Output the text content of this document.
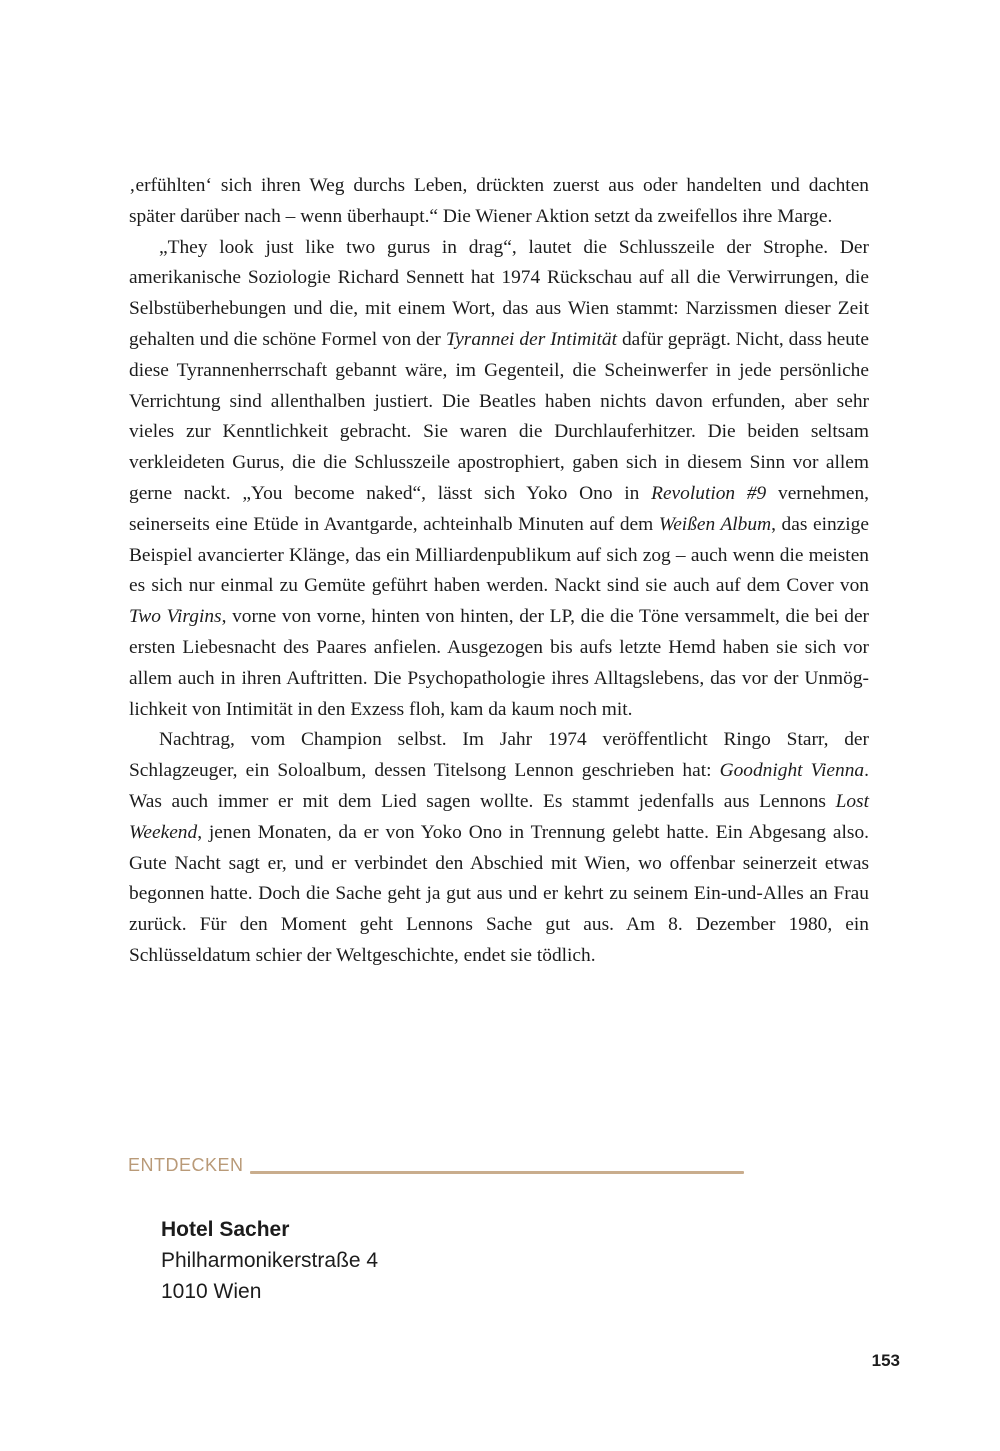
‚erfühlten‘ sich ihren Weg durchs Leben, drückten zuerst aus oder handelten und dachten später darüber nach – wenn überhaupt.“ Die Wiener Aktion setzt da zweifellos ihre Marge.

„They look just like two gurus in drag“, lautet die Schlusszeile der Strophe. Der amerikanische Soziologie Richard Sennett hat 1974 Rückschau auf all die Verwirrungen, die Selbstüberhebungen und die, mit einem Wort, das aus Wien stammt: Narzissmen dieser Zeit gehalten und die schöne Formel von der Tyrannei der Intimität dafür geprägt. Nicht, dass heute diese Tyrannenherrschaft gebannt wäre, im Gegenteil, die Scheinwerfer in jede persönliche Verrichtung sind allenthalben justiert. Die Beatles haben nichts davon erfunden, aber sehr vieles zur Kenntlichkeit gebracht. Sie waren die Durchlauferhitzer. Die beiden seltsam verkleideten Gurus, die die Schlusszeile apostrophiert, gaben sich in diesem Sinn vor allem gerne nackt. „You become naked“, lässt sich Yoko Ono in Revolution #9 vernehmen, seinerseits eine Etüde in Avantgarde, achteinhalb Minuten auf dem Weißen Album, das einzige Beispiel avancierter Klänge, das ein Milliardenpublikum auf sich zog – auch wenn die meisten es sich nur einmal zu Gemüte geführt haben werden. Nackt sind sie auch auf dem Cover von Two Virgins, vorne von vorne, hinten von hinten, der LP, die die Töne versammelt, die bei der ersten Liebesnacht des Paares anfielen. Ausgezogen bis aufs letzte Hemd haben sie sich vor allem auch in ihren Auftritten. Die Psychopathologie ihres Alltagslebens, das vor der Unmöglichkeit von Intimität in den Exzess floh, kam da kaum noch mit.

Nachtrag, vom Champion selbst. Im Jahr 1974 veröffentlicht Ringo Starr, der Schlagzeuger, ein Soloalbum, dessen Titelsong Lennon geschrieben hat: Goodnight Vienna. Was auch immer er mit dem Lied sagen wollte. Es stammt jedenfalls aus Lennons Lost Weekend, jenen Monaten, da er von Yoko Ono in Trennung gelebt hatte. Ein Abgesang also. Gute Nacht sagt er, und er verbindet den Abschied mit Wien, wo offenbar seinerzeit etwas begonnen hatte. Doch die Sache geht ja gut aus und er kehrt zu seinem Ein-und-Alles an Frau zurück. Für den Moment geht Lennons Sache gut aus. Am 8. Dezember 1980, ein Schlüsseldatum schier der Weltgeschichte, endet sie tödlich.

ENTDECKEN
Hotel Sacher
Philharmonikerstraße 4
1010 Wien
153
